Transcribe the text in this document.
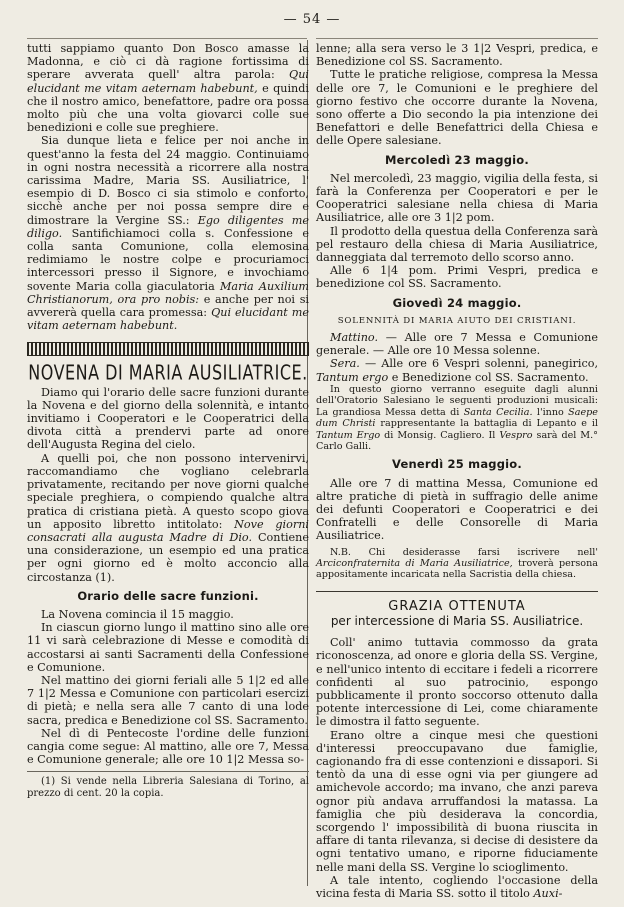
— 54 —

tutti sappiamo quanto Don Bosco amasse la Madonna, e ciò ci dà ragione fortissima di sperare avverata quell' altra parola: Qui elucidant me vitam aeternam habebunt, e quindi che il nostro amico, benefattore, padre ora possa molto più che una volta giovarci colle sue benedizioni e colle sue preghiere.

Sia dunque lieta e felice per noi anche in quest'anno la festa del 24 maggio. Continuiamo in ogni nostra necessità a ricorrere alla nostra carissima Madre, Maria SS. Ausiliatrice, l' esempio di D. Bosco ci sia stimolo e conforto, sicchè anche per noi possa sempre dire e dimostrare la Vergine SS.: Ego diligentes me diligo. Santifichiamoci colla s. Confessione e colla santa Comunione, colla elemosina redimiamo le nostre colpe e procuriamoci intercessori presso il Signore, e invochiamo sovente Maria colla giaculatoria Maria Auxilium Christianorum, ora pro nobis: e anche per noi si avvererà quella cara promessa: Qui elucidant me vitam aeternam habebunt.

NOVENA DI MARIA AUSILIATRICE.

Diamo qui l'orario delle sacre funzioni durante la Novena e del giorno della solennità, e intanto invitiamo i Cooperatori e le Cooperatrici della divota città a prendervi parte ad onore dell'Augusta Regina del cielo.

A quelli poi, che non possono intervenirvi, raccomandiamo che vogliano celebrarla privatamente, recitando per nove giorni qualche speciale preghiera, o compiendo qualche altra pratica di cristiana pietà. A questo scopo giova un apposito libretto intitolato: Nove giorni consacrati alla augusta Madre di Dio. Contiene una considerazione, un esempio ed una pratica per ogni giorno ed è molto acconcio alla circostanza (1).

Orario delle sacre funzioni.

La Novena comincia il 15 maggio.

In ciascun giorno lungo il mattino sino alle ore 11 vi sarà celebrazione di Messe e comodità di accostarsi ai santi Sacramenti della Confessione e Comunione.

Nel mattino dei giorni feriali alle 5 1|2 ed alle 7 1|2 Messa e Comunione con particolari esercizi di pietà; e nella sera alle 7 canto di una lode sacra, predica e Benedizione col SS. Sacramento.

Nel dì di Pentecoste l'ordine delle funzioni cangia come segue: Al mattino, alle ore 7, Messa e Comunione generale; alle ore 10 1|2 Messa so-

(1) Si vende nella Libreria Salesiana di Torino, al prezzo di cent. 20 la copia.

lenne; alla sera verso le 3 1|2 Vespri, predica, e Benedizione col SS. Sacramento.

Tutte le pratiche religiose, compresa la Messa delle ore 7, le Comunioni e le preghiere del giorno festivo che occorre durante la Novena, sono offerte a Dio secondo la pia intenzione dei Benefattori e delle Benefattrici della Chiesa e delle Opere salesiane.

Mercoledì 23 maggio.

Nel mercoledì, 23 maggio, vigilia della festa, si farà la Conferenza per Cooperatori e per le Cooperatrici salesiane nella chiesa di Maria Ausiliatrice, alle ore 3 1|2 pom.

Il prodotto della questua della Conferenza sarà pel restauro della chiesa di Maria Ausiliatrice, danneggiata dal terremoto dello scorso anno.

Alle 6 1|4 pom. Primi Vespri, predica e benedizione col SS. Sacramento.

Giovedì 24 maggio.
SOLENNITÀ DI MARIA AIUTO DEI CRISTIANI.

Mattino. — Alle ore 7 Messa e Comunione generale. — Alle ore 10 Messa solenne.

Sera. — Alle ore 6 Vespri solenni, panegirico, Tantum ergo e Benedizione col SS. Sacramento.

In questo giorno verranno eseguite dagli alunni dell'Oratorio Salesiano le seguenti produzioni musicali: La grandiosa Messa detta di Santa Cecilia. l'inno Saepe dum Christi rappresentante la battaglia di Lepanto e il Tantum Ergo di Monsig. Cagliero. Il Vespro sarà del M.° Carlo Galli.

Venerdì 25 maggio.

Alle ore 7 di mattina Messa, Comunione ed altre pratiche di pietà in suffragio delle anime dei defunti Cooperatori e Cooperatrici e dei Confratelli e delle Consorelle di Maria Ausiliatrice.

N.B. Chi desiderasse farsi iscrivere nell' Arciconfraternita di Maria Ausiliatrice, troverà persona appositamente incaricata nella Sacristia della chiesa.

GRAZIA OTTENUTA
per intercessione di Maria SS. Ausiliatrice.

Coll' animo tuttavia commosso da grata riconoscenza, ad onore e gloria della SS. Vergine, e nell'unico intento di eccitare i fedeli a ricorrere confidenti al suo patrocinio, espongo pubblicamente il pronto soccorso ottenuto dalla potente intercessione di Lei, come chiaramente le dimostra il fatto seguente.

Erano oltre a cinque mesi che questioni d'interessi preoccupavano due famiglie, cagionando fra di esse contenzioni e dissapori. Si tentò da una di esse ogni via per giungere ad amichevole accordo; ma invano, che anzi pareva ognor più andava arruffandosi la matassa. La famiglia che più desiderava la concordia, scorgendo l' impossibilità di buona riuscita in affare di tanta rilevanza, si decise di desistere da ogni tentativo umano, e riporne fiduciamente nelle mani della SS. Vergine lo scioglimento.

A tale intento, cogliendo l'occasione della vicina festa di Maria SS. sotto il titolo Auxi-
